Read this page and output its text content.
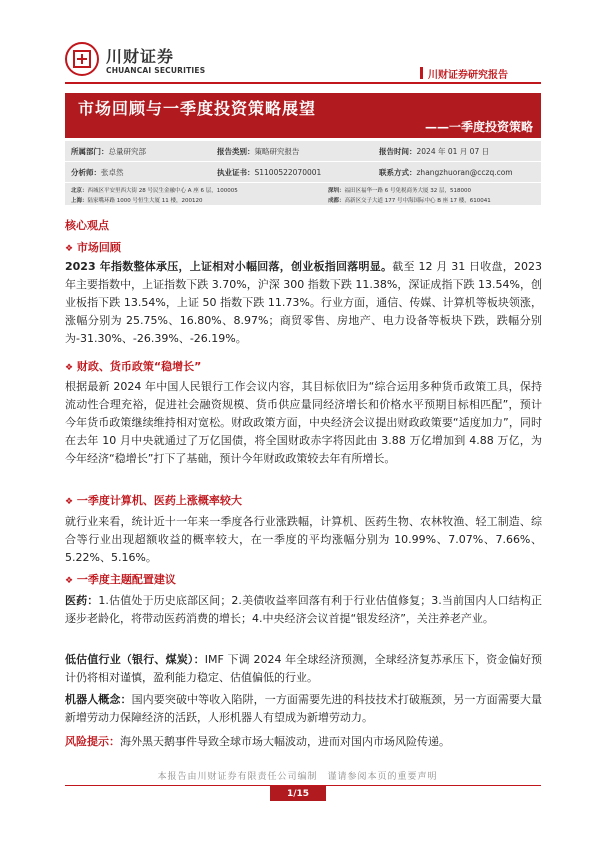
川财证券
CHUANCAI SECURITIES	川财证券研究报告
市场回顾与一季度投资策略展望
——一季度投资策略
所属部门：总量研究部	报告类别：策略研究报告	报告时间：2024 年 01 月 07 日
分析师：张卓然	执业证书：S1100522070001	联系方式：zhangzhuoran@cczq.com
北京：西城区平安里西大街 28 号民生金融中心 A 座 6 层，100005	深圳：福田区福华一路 6 号免税商务大厦 32 层，518000
上海：陆家嘴环路 1000 号恒生大厦 11 楼，200120	成都：高新区交子大道 177 号中海国际中心 B 座 17 楼，610041
核心观点
❖ 市场回顾
2023 年指数整体承压，上证相对小幅回落，创业板指回落明显。截至 12 月 31 日收盘，2023 年主要指数中，上证指数下跌 3.70%，沪深 300 指数下跌 11.38%，深证成指下跌 13.54%，创业板指下跌 13.54%，上证 50 指数下跌 11.73%。行业方面，通信、传媒、计算机等板块领涨，涨幅分别为 25.75%、16.80%、8.97%；商贸零售、房地产、电力设备等板块下跌，跌幅分别为-31.30%、-26.39%、-26.19%。
❖ 财政、货币政策“稳增长”
根据最新 2024 年中国人民银行工作会议内容，其目标依旧为“综合运用多种货币政策工具，保持流动性合理充裕，促进社会融资规模、货币供应量同经济增长和价格水平预期目标相匹配”，预计今年货币政策继续维持相对宽松。财政政策方面，中央经济会议提出财政政策要“适度加力”，同时在去年 10 月中央就通过了万亿国债，将全国财政赤字将因此由 3.88 万亿增加到 4.88 万亿，为今年经济“稳增长”打下了基础，预计今年财政政策较去年有所增长。
❖ 一季度计算机、医药上涨概率较大
就行业来看，统计近十一年来一季度各行业涨跌幅，计算机、医药生物、农林牧渔、轻工制造、综合等行业出现超额收益的概率较大，在一季度的平均涨幅分别为 10.99%、7.07%、7.66%、5.22%、5.16%。
❖ 一季度主题配置建议
医药：1.估值处于历史底部区间；2.美债收益率回落有利于行业估值修复；3.当前国内人口结构正逐步老龄化，将带动医药消费的增长；4.中央经济会议首提“银发经济”，关注养老产业。
低估值行业（银行、煤炭）：IMF 下调 2024 年全球经济预测，全球经济复苏承压下，资金偏好预计仍将相对谨慎，盈利能力稳定、估值偏低的行业。
机器人概念：国内要突破中等收入陷阱，一方面需要先进的科技技术打破瓶颈，另一方面需要大量新增劳动力保障经济的活跃，人形机器人有望成为新增劳动力。
风险提示：海外黑天鹅事件导致全球市场大幅波动，进而对国内市场风险传递。
本报告由川财证券有限责任公司编制　谨请参阅本页的重要声明
1/15
